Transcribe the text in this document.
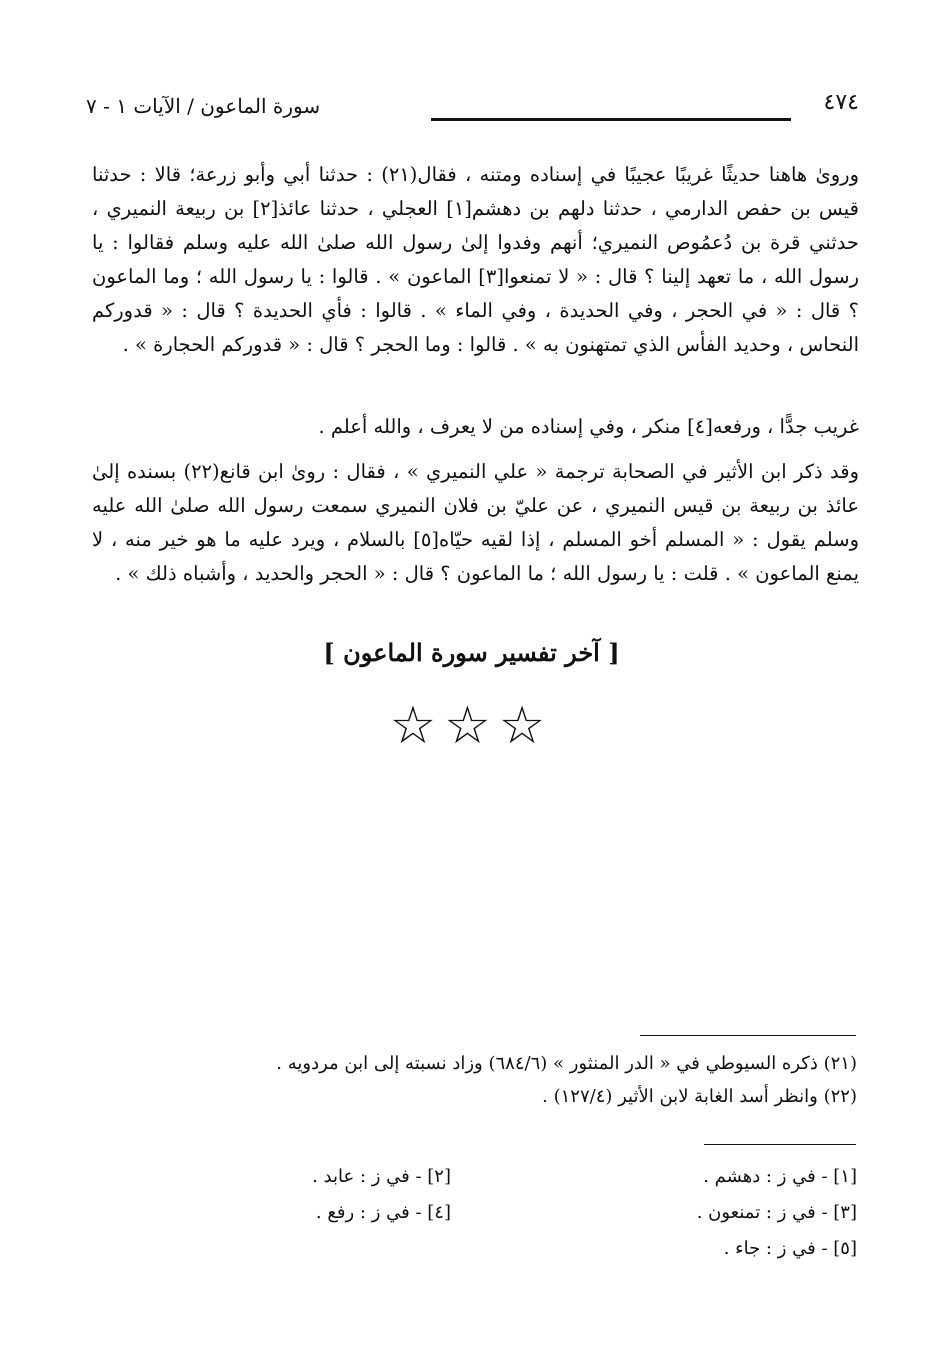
٤٧٤
سورة الماعون / الآيات ١ - ٧

وروىٰ هاهنا حديثًا غريبًا عجيبًا في إسناده ومتنه ، فقال(٢١) : حدثنا أبي وأبو زرعة؛ قالا : حدثنا قيس بن حفص الدارمي ، حدثنا دلهم بن دهشم[١] العجلي ، حدثنا عائذ[٢] بن ربيعة النميري ، حدثني قرة بن دُعمُوص النميري؛ أنهم وفدوا إلىٰ رسول الله صلىٰ الله عليه وسلم فقالوا : يا رسول الله ، ما تعهد إلينا ؟ قال : « لا تمنعوا[٣] الماعون » . قالوا : يا رسول الله ؛ وما الماعون ؟ قال : « في الحجر ، وفي الحديدة ، وفي الماء » . قالوا : فأي الحديدة ؟ قال : « قدوركم النحاس ، وحديد الفأس الذي تمتهنون به » . قالوا : وما الحجر ؟ قال : « قدوركم الحجارة » .

غريب جدًّا ، ورفعه[٤] منكر ، وفي إسناده من لا يعرف ، والله أعلم .

وقد ذكر ابن الأثير في الصحابة ترجمة « علي النميري » ، فقال : روىٰ ابن قانع(٢٢) بسنده إلىٰ عائذ بن ربيعة بن قيس النميري ، عن عليّ بن فلان النميري سمعت رسول الله صلىٰ الله عليه وسلم يقول : « المسلم أخو المسلم ، إذا لقيه حيّاه[٥] بالسلام ، ويرد عليه ما هو خير منه ، لا يمنع الماعون » . قلت : يا رسول الله ؛ ما الماعون ؟ قال : « الحجر والحديد ، وأشباه ذلك » .

[ آخر تفسير سورة الماعون ]
☆☆☆

(٢١) ذكره السيوطي في « الدر المنثور » (٦٨٤/٦) وزاد نسبته إلى ابن مردويه .

(٢٢) وانظر أسد الغابة لابن الأثير (١٢٧/٤) .

[١] - في ز : دهشم .
[٢] - في ز : عابد .
[٣] - في ز : تمنعون .
[٤] - في ز : رفع .
[٥] - في ز : جاء .
